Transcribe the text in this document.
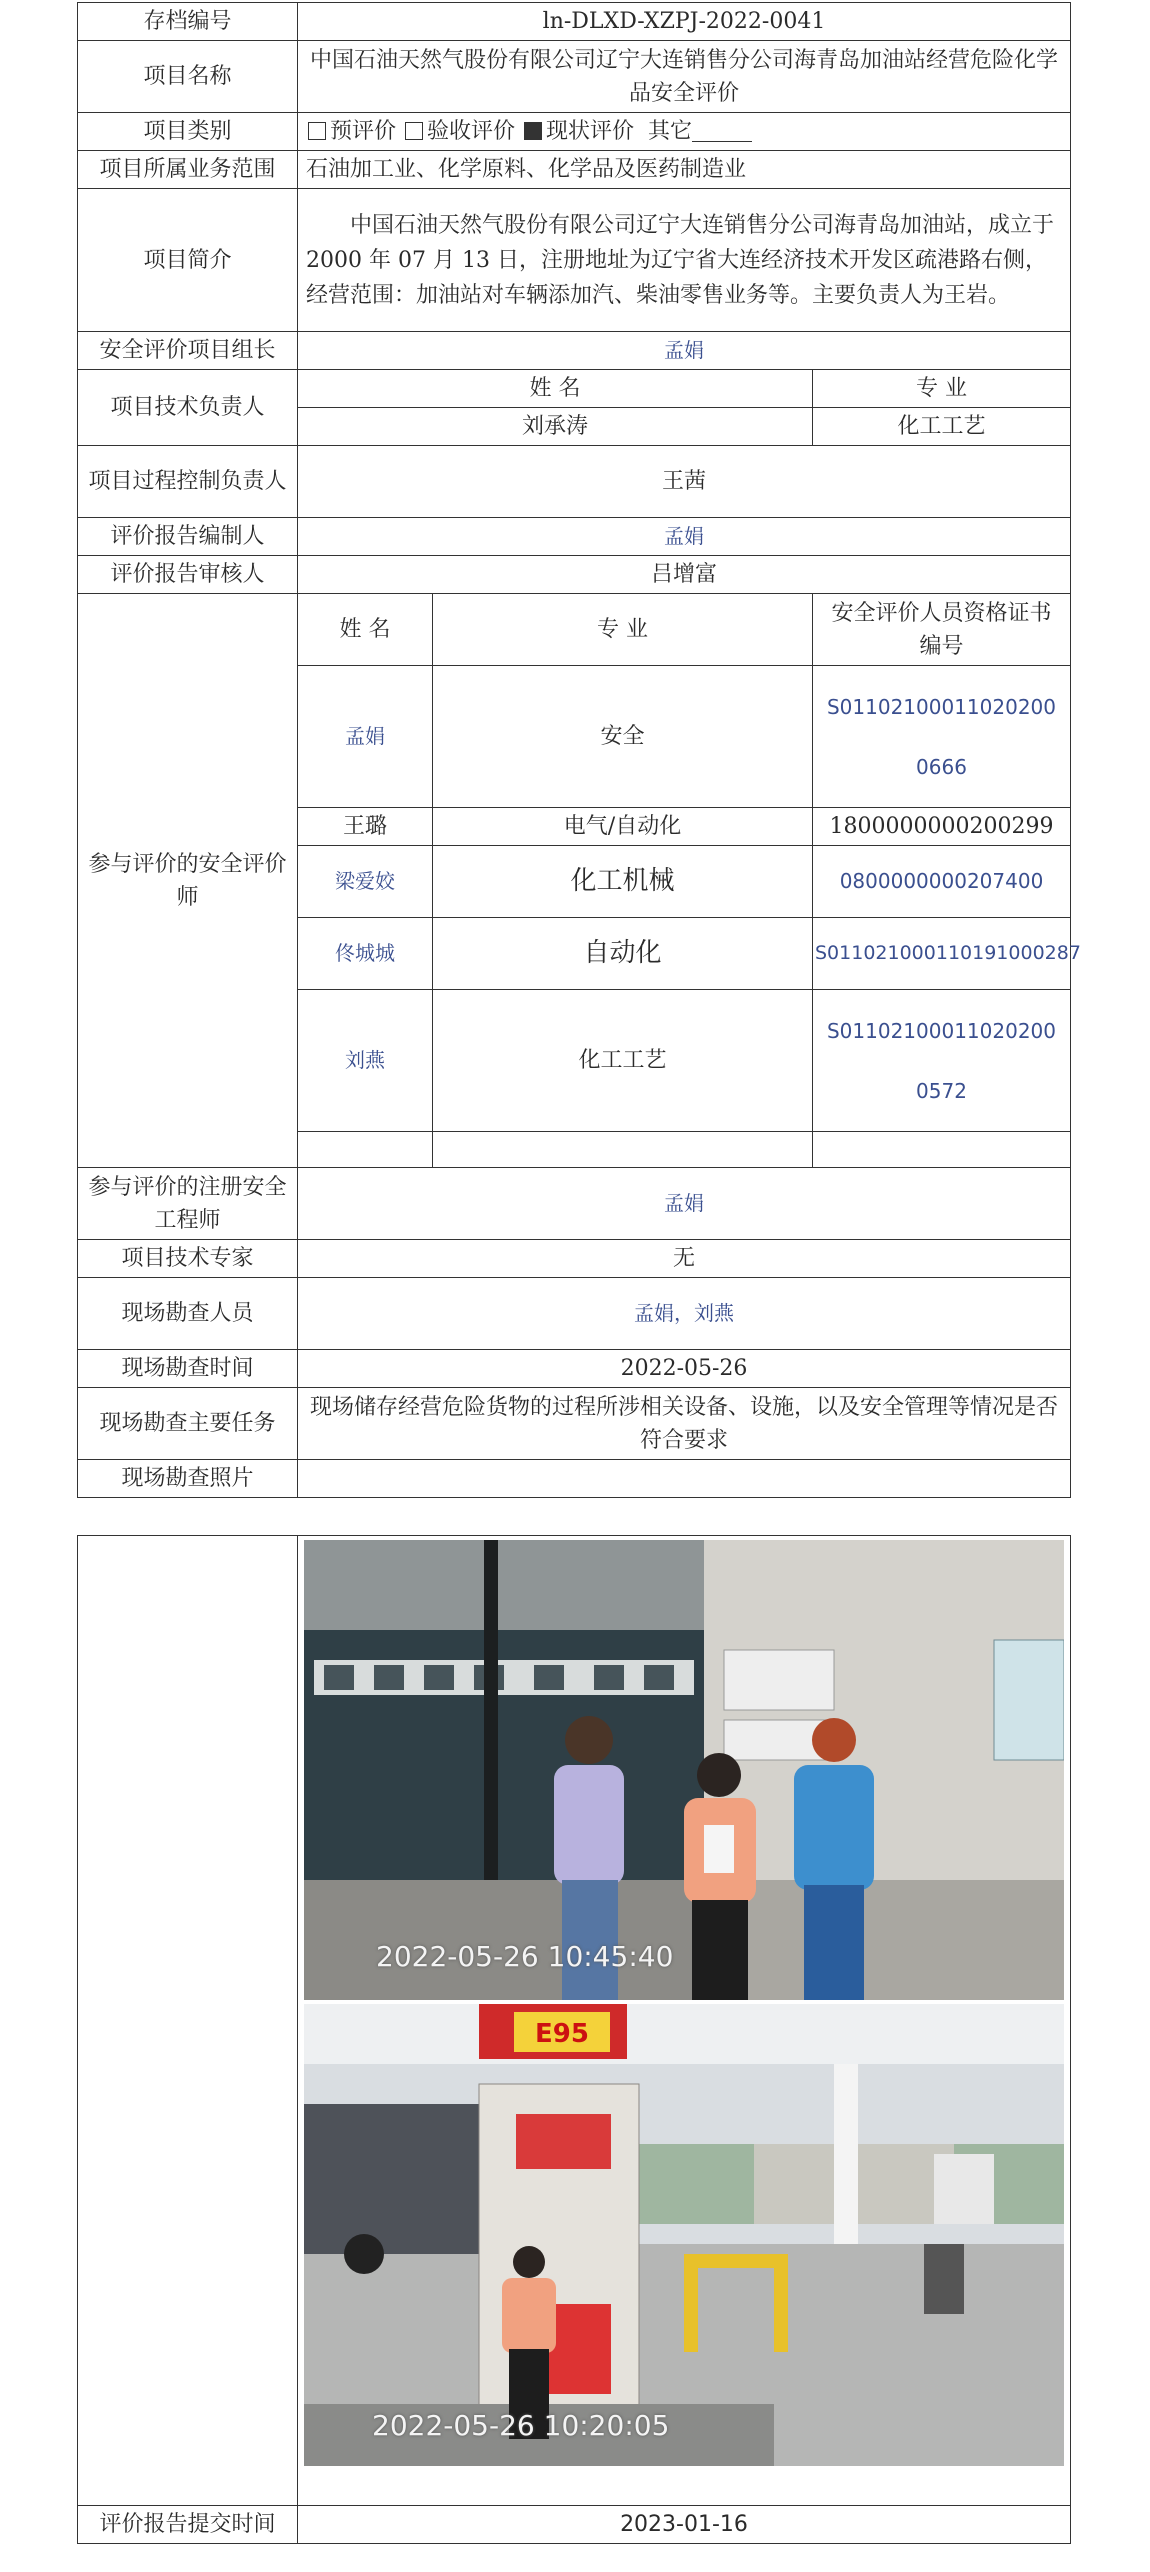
存档编号	ln-DLXD-XZPJ-2022-0041		
项目名称	中国石油天然气股份有限公司辽宁大连销售分公司海青岛加油站经营危险化学品安全评价		
项目类别	预评价 验收评价 现状评价 其它		
项目所属业务范围	石油加工业、化学原料、化学品及医药制造业		
项目简介	中国石油天然气股份有限公司辽宁大连销售分公司海青岛加油站，成立于 2000 年 07 月 13 日，注册地址为辽宁省大连经济技术开发区疏港路右侧，经营范围：加油站对车辆添加汽、柴油零售业务等。主要负责人为王岩。		
安全评价项目组长	孟娟		
项目技术负责人	姓 名		专 业
	刘承涛		化工工艺
项目过程控制负责人	王茜		
评价报告编制人	孟娟		
评价报告审核人	吕增富		
参与评价的安全评价师	姓 名	专 业	安全评价人员资格证书编号
	孟娟	安全	S011021000110202000666
	王璐	电气/自动化	1800000000200299
	梁爱姣	化工机械	0800000000207400
	佟城城	自动化	S011021000110191000287
	刘燕	化工工艺	S011021000110202000572

参与评价的注册安全工程师	孟娟		
项目技术专家	无		
现场勘查人员	孟娟，刘燕		
现场勘查时间	2022-05-26		
现场勘查主要任务	现场储存经营危险货物的过程所涉相关设备、设施，以及安全管理等情况是否符合要求		
现场勘查照片			

	2022-05-26 10:45:40
E95
2022-05-26 10:20:05

评价报告提交时间	2023-01-16
